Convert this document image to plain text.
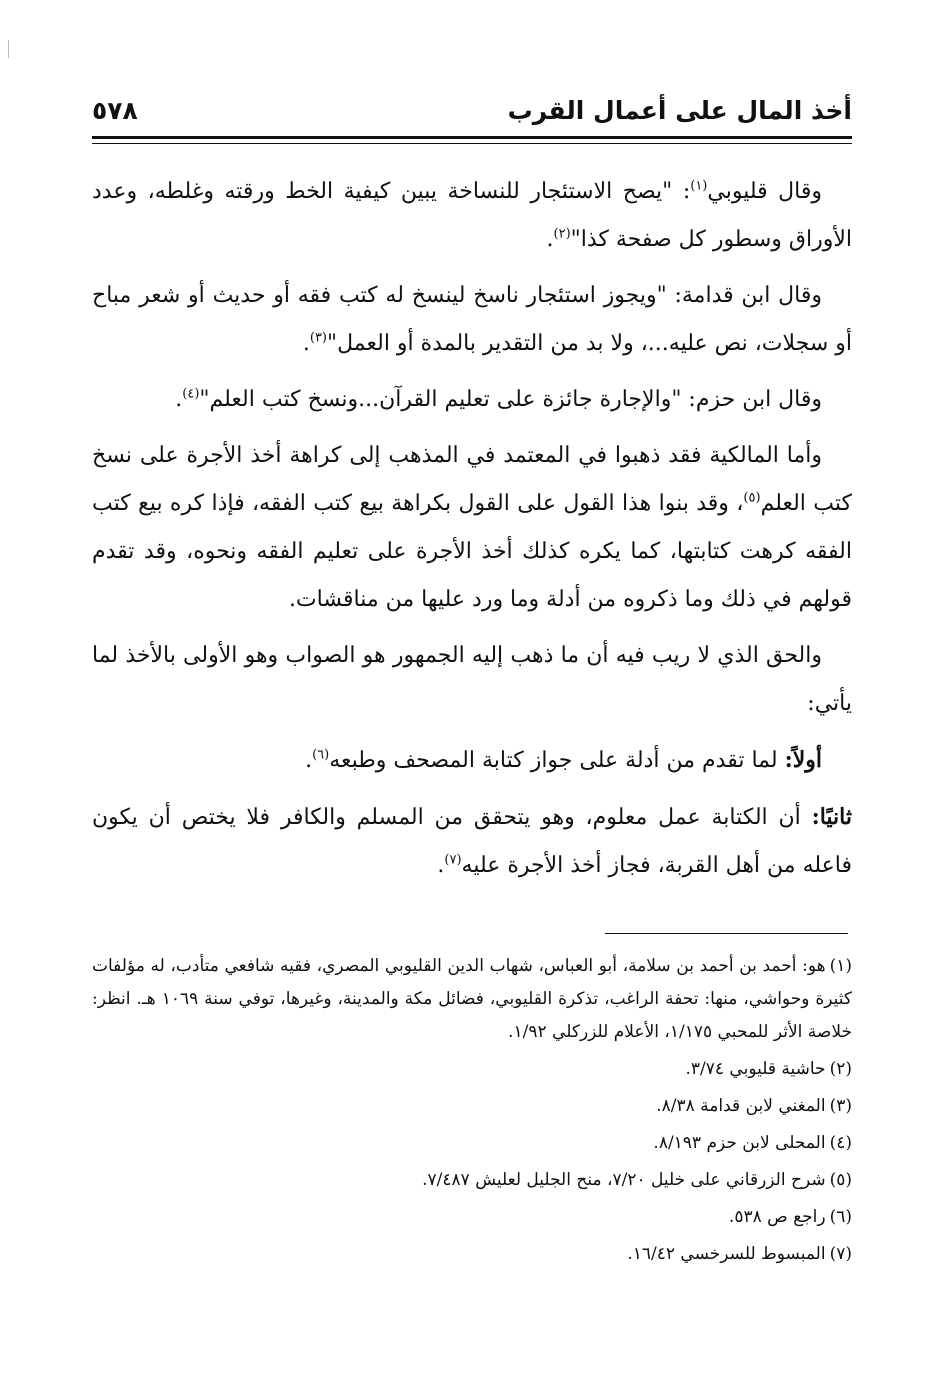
أخذ المال على أعمال القرب
٥٧٨

وقال قليوبي$^{(١)}$: "يصح الاستئجار للنساخة يبين كيفية الخط ورقته وغلطه، وعدد الأوراق وسطور كل صفحة كذا"$^{(٢)}$.

وقال ابن قدامة: "ويجوز استئجار ناسخ لينسخ له كتب فقه أو حديث أو شعر مباح أو سجلات، نص عليه...، ولا بد من التقدير بالمدة أو العمل"$^{(٣)}$.

وقال ابن حزم: "والإجارة جائزة على تعليم القرآن...ونسخ كتب العلم"$^{(٤)}$.

وأما المالكية فقد ذهبوا في المعتمد في المذهب إلى كراهة أخذ الأجرة على نسخ كتب العلم$^{(٥)}$، وقد بنوا هذا القول على القول بكراهة بيع كتب الفقه، فإذا كره بيع كتب الفقه كرهت كتابتها، كما يكره كذلك أخذ الأجرة على تعليم الفقه ونحوه، وقد تقدم قولهم في ذلك وما ذكروه من أدلة وما ورد عليها من مناقشات.

والحق الذي لا ريب فيه أن ما ذهب إليه الجمهور هو الصواب وهو الأولى بالأخذ لما يأتي:

أولاً: لما تقدم من أدلة على جواز كتابة المصحف وطبعه$^{(٦)}$.

ثانيًا: أن الكتابة عمل معلوم، وهو يتحقق من المسلم والكافر فلا يختص أن يكون فاعله من أهل القربة، فجاز أخذ الأجرة عليه$^{(٧)}$.

(١)هو: أحمد بن أحمد بن سلامة، أبو العباس، شهاب الدين القليوبي المصري، فقيه شافعي متأدب، له مؤلفات كثيرة وحواشي، منها: تحفة الراغب، تذكرة القليوبي، فضائل مكة والمدينة، وغيرها، توفي سنة ١٠٦٩ هـ. انظر: خلاصة الأثر للمحبي ١/١٧٥، الأعلام للزركلي ١/٩٢.
(٢)حاشية قليوبي ٣/٧٤.
(٣)المغني لابن قدامة ٨/٣٨.
(٤)المحلى لابن حزم ٨/١٩٣.
(٥)شرح الزرقاني على خليل ٧/٢٠، منح الجليل لعليش ٧/٤٨٧.
(٦)راجع ص ٥٣٨.
(٧)المبسوط للسرخسي ١٦/٤٢.
